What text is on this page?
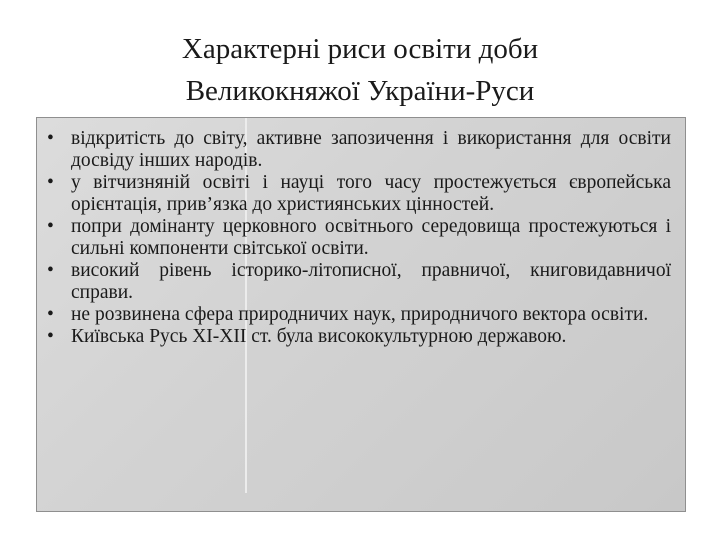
Характерні риси освіти доби
Великокняжої України-Руси
• відкритість до світу, активне запозичення і використання для освіти досвіду інших народів.
• у вітчизняній освіті і науці того часу простежується європейська орієнтація, прив’язка до християнських цінностей.
• попри домінанту церковного освітнього середовища простежуються і сильні компоненти світської освіти.
• високий рівень історико-літописної, правничої, книговидавничої справи.
• не розвинена сфера природничих наук, природничого вектора освіти.
• Київська Русь XI-XII ст. була висококультурною державою.
